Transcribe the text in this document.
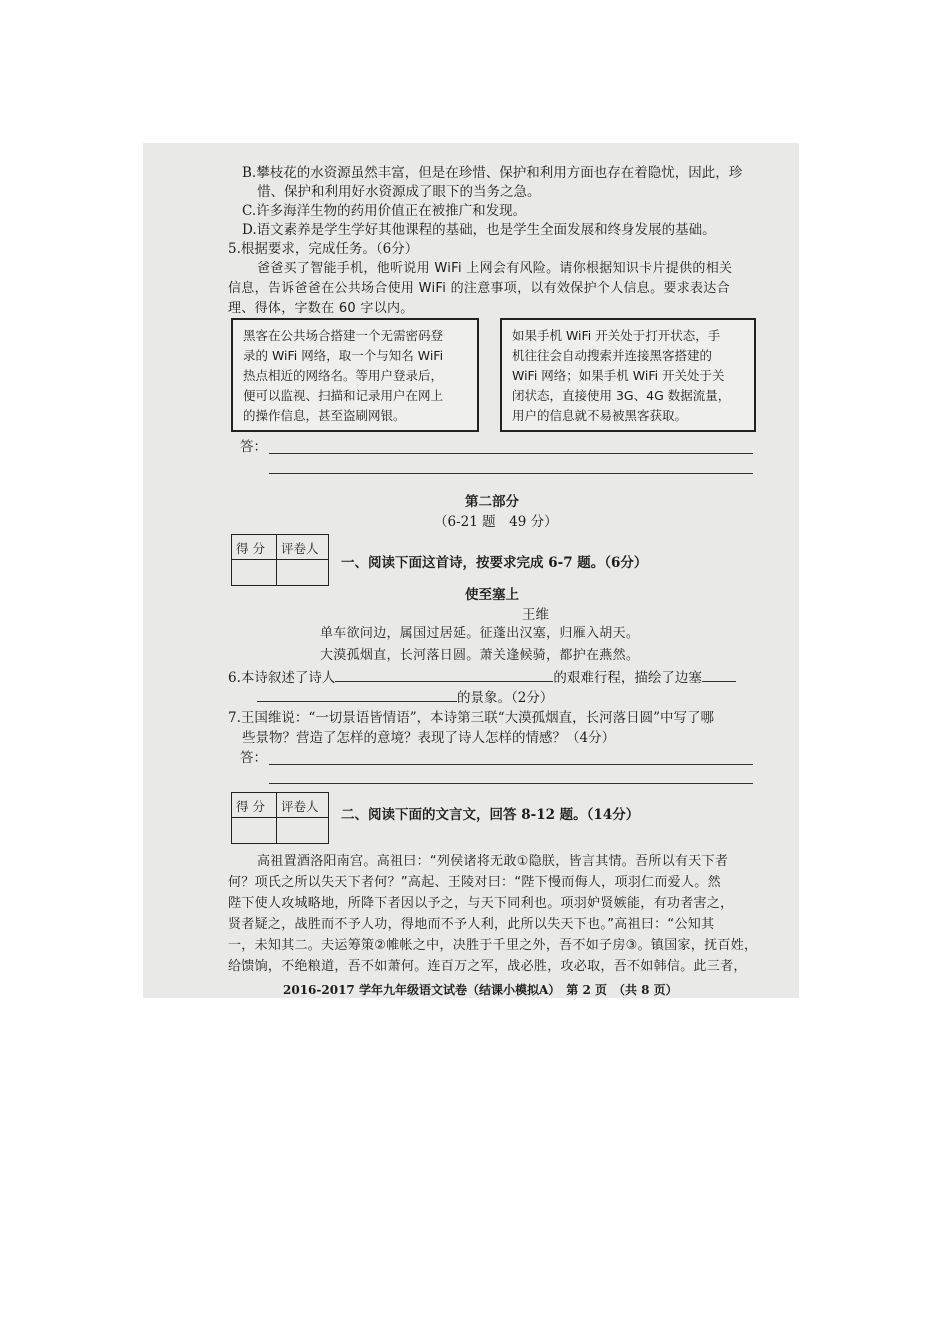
B.攀枝花的水资源虽然丰富，但是在珍惜、保护和利用方面也存在着隐忧，因此，珍
惜、保护和利用好水资源成了眼下的当务之急。
C.许多海洋生物的药用价值正在被推广和发现。
D.语文素养是学生学好其他课程的基础，也是学生全面发展和终身发展的基础。
5.根据要求，完成任务。（6分）
爸爸买了智能手机，他听说用 WiFi 上网会有风险。请你根据知识卡片提供的相关
信息，告诉爸爸在公共场合使用 WiFi 的注意事项，以有效保护个人信息。要求表达合
理、得体，字数在 60 字以内。
黑客在公共场合搭建一个无需密码登
录的 WiFi 网络，取一个与知名 WiFi
热点相近的网络名。等用户登录后，
便可以监视、扫描和记录用户在网上
的操作信息，甚至盗刷网银。
如果手机 WiFi 开关处于打开状态，手
机往往会自动搜索并连接黑客搭建的
WiFi 网络；如果手机 WiFi 开关处于关
闭状态，直接使用 3G、4G 数据流量，
用户的信息就不易被黑客获取。
答：
第二部分
（6-21 题　49 分）
得 分 评卷人
一、阅读下面这首诗，按要求完成 6-7 题。（6分）
使至塞上
王维
单车欲问边，属国过居延。征蓬出汉塞，归雁入胡天。
大漠孤烟直，长河落日圆。萧关逢候骑，都护在燕然。
6.本诗叙述了诗人	的艰难行程，描绘了边塞
的景象。（2分）
7.王国维说：“一切景语皆情语”，本诗第三联“大漠孤烟直，长河落日圆”中写了哪
些景物？营造了怎样的意境？表现了诗人怎样的情感？（4分）
答：
得 分 评卷人
二、阅读下面的文言文，回答 8-12 题。（14分）
高祖置酒洛阳南宫。高祖曰：“列侯诸将无敢①隐朕，皆言其情。吾所以有天下者
何？项氏之所以失天下者何？”高起、王陵对曰：“陛下慢而侮人，项羽仁而爱人。然
陛下使人攻城略地，所降下者因以予之，与天下同利也。项羽妒贤嫉能，有功者害之，
贤者疑之，战胜而不予人功，得地而不予人利，此所以失天下也。”高祖曰：“公知其
一，未知其二。夫运筹策②帷帐之中，决胜于千里之外，吾不如子房③。镇国家，抚百姓，
给馈饷，不绝粮道，吾不如萧何。连百万之军，战必胜，攻必取，吾不如韩信。此三者，
2016-2017 学年九年级语文试卷（结课小模拟A）　第 2 页　（共 8 页）
